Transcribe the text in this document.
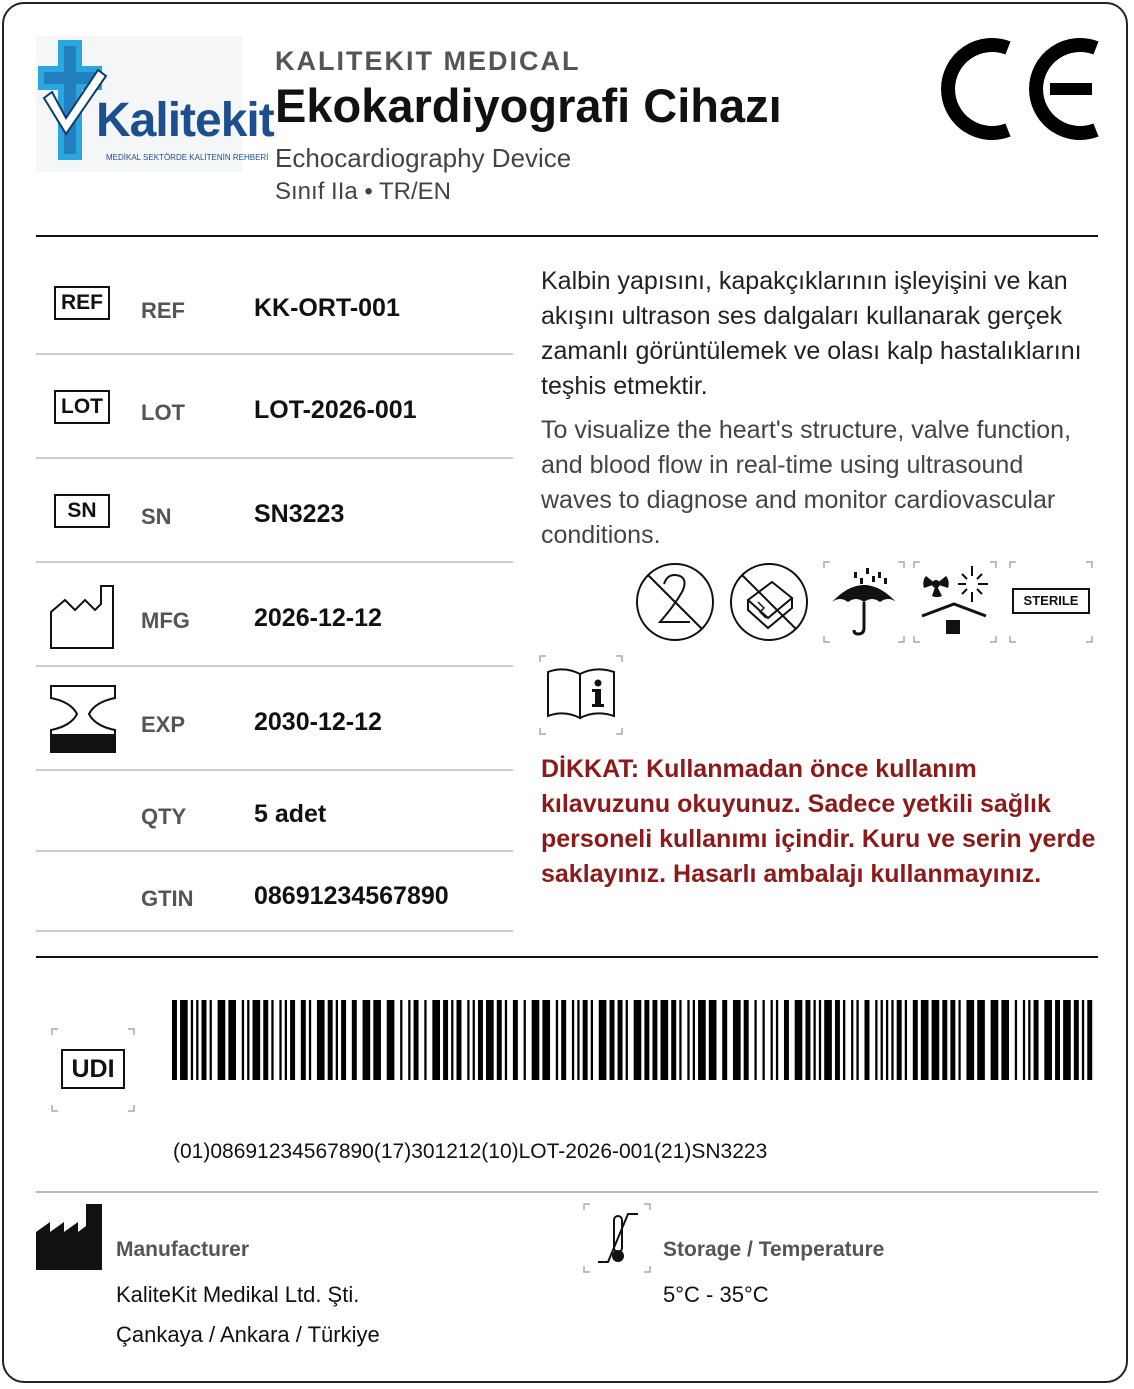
Kalitekit
MEDİKAL SEKTÖRDE KALİTENİN REHBERİ
KALITEKIT MEDICAL
Ekokardiyografi Cihazı
Echocardiography Device
Sınıf IIa • TR/EN
REF	REF	KK-ORT-001
LOT	LOT	LOT-2026-001
SN	SN	SN3223
MFG	2026-12-12
EXP	2030-12-12
QTY	5 adet
GTIN 08691234567890
Kalbin yapısını, kapakçıklarının işleyişini ve kan akışını ultrason ses dalgaları kullanarak gerçek zamanlı görüntülemek ve olası kalp hastalıklarını teşhis etmektir.
To visualize the heart's structure, valve function, and blood flow in real-time using ultrasound waves to diagnose and monitor cardiovascular conditions.
STERILE
DİKKAT: Kullanmadan önce kullanım kılavuzunu okuyunuz. Sadece yetkili sağlık personeli kullanımı içindir. Kuru ve serin yerde saklayınız. Hasarlı ambalajı kullanmayınız.
UDI
(01)08691234567890(17)301212(10)LOT-2026-001(21)SN3223
Manufacturer
KaliteKit Medikal Ltd. Şti.
Çankaya / Ankara / Türkiye
Storage / Temperature
5°C - 35°C
